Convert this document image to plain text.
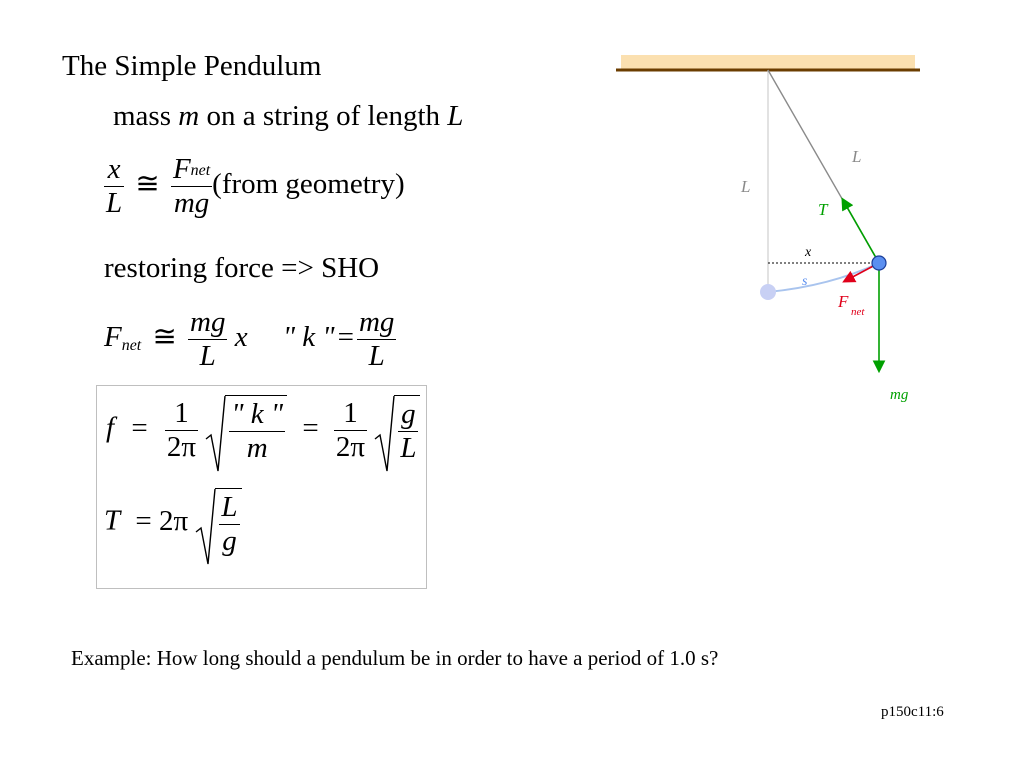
The Simple Pendulum
mass m on a string of length L
$\frac{x}{L}$ ≅ $\frac{\text{Fnet}}{mg}$ (from geometry)
restoring force => SHO
$F_{net}$ ≅ $\frac{mg}{L}$ x " k " = $\frac{mg}{L}$
$f = \frac{1}{2\pi}$
$\frac{" k "}{m} = \frac{1}{2\pi}$
$\frac{g}{L}$
$T = 2\pi \frac{L}{g}$
L
L
T
x
s
F
net
mg
Example: How long should a pendulum be in order to have a period of 1.0 s?
p150c11:6
